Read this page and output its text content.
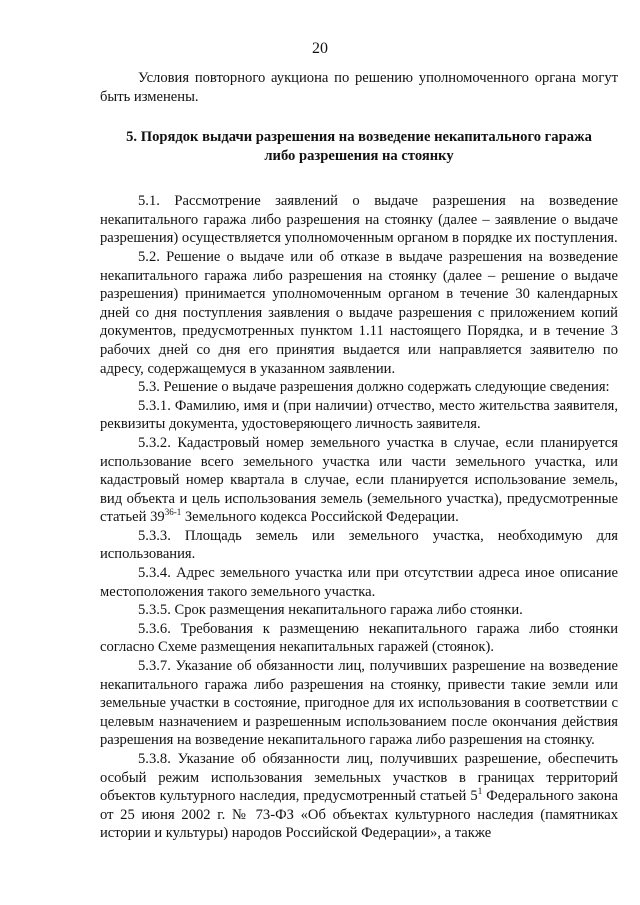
20

Условия повторного аукциона по решению уполномоченного органа могут быть изменены.

5. Порядок выдачи разрешения на возведение некапитального гаража либо разрешения на стоянку

5.1. Рассмотрение заявлений о выдаче разрешения на возведение некапитального гаража либо разрешения на стоянку (далее – заявление о выдаче разрешения) осуществляется уполномоченным органом в порядке их поступления.

5.2. Решение о выдаче или об отказе в выдаче разрешения на возведение некапитального гаража либо разрешения на стоянку (далее – решение о выдаче разрешения) принимается уполномоченным органом в течение 30 календарных дней со дня поступления заявления о выдаче разрешения с приложением копий документов, предусмотренных пунктом 1.11 настоящего Порядка, и в течение 3 рабочих дней со дня его принятия выдается или направляется заявителю по адресу, содержащемуся в указанном заявлении.

5.3. Решение о выдаче разрешения должно содержать следующие сведения:

5.3.1. Фамилию, имя и (при наличии) отчество, место жительства заявителя, реквизиты документа, удостоверяющего личность заявителя.

5.3.2. Кадастровый номер земельного участка в случае, если планируется использование всего земельного участка или части земельного участка, или кадастровый номер квартала в случае, если планируется использование земель, вид объекта и цель использования земель (земельного участка), предусмотренные статьей 39$^{36-1}$ Земельного кодекса Российской Федерации.

5.3.3. Площадь земель или земельного участка, необходимую для использования.

5.3.4. Адрес земельного участка или при отсутствии адреса иное описание местоположения такого земельного участка.

5.3.5. Срок размещения некапитального гаража либо стоянки.

5.3.6. Требования к размещению некапитального гаража либо стоянки согласно Схеме размещения некапитальных гаражей (стоянок).

5.3.7. Указание об обязанности лиц, получивших разрешение на возведение некапитального гаража либо разрешения на стоянку, привести такие земли или земельные участки в состояние, пригодное для их использования в соответствии с целевым назначением и разрешенным использованием после окончания действия разрешения на возведение некапитального гаража либо разрешения на стоянку.

5.3.8. Указание об обязанности лиц, получивших разрешение, обеспечить особый режим использования земельных участков в границах территорий объектов культурного наследия, предусмотренный статьей $5^1$ Федерального закона от 25 июня 2002 г. № 73-ФЗ «Об объектах культурного наследия (памятниках истории и культуры) народов Российской Федерации», а также
